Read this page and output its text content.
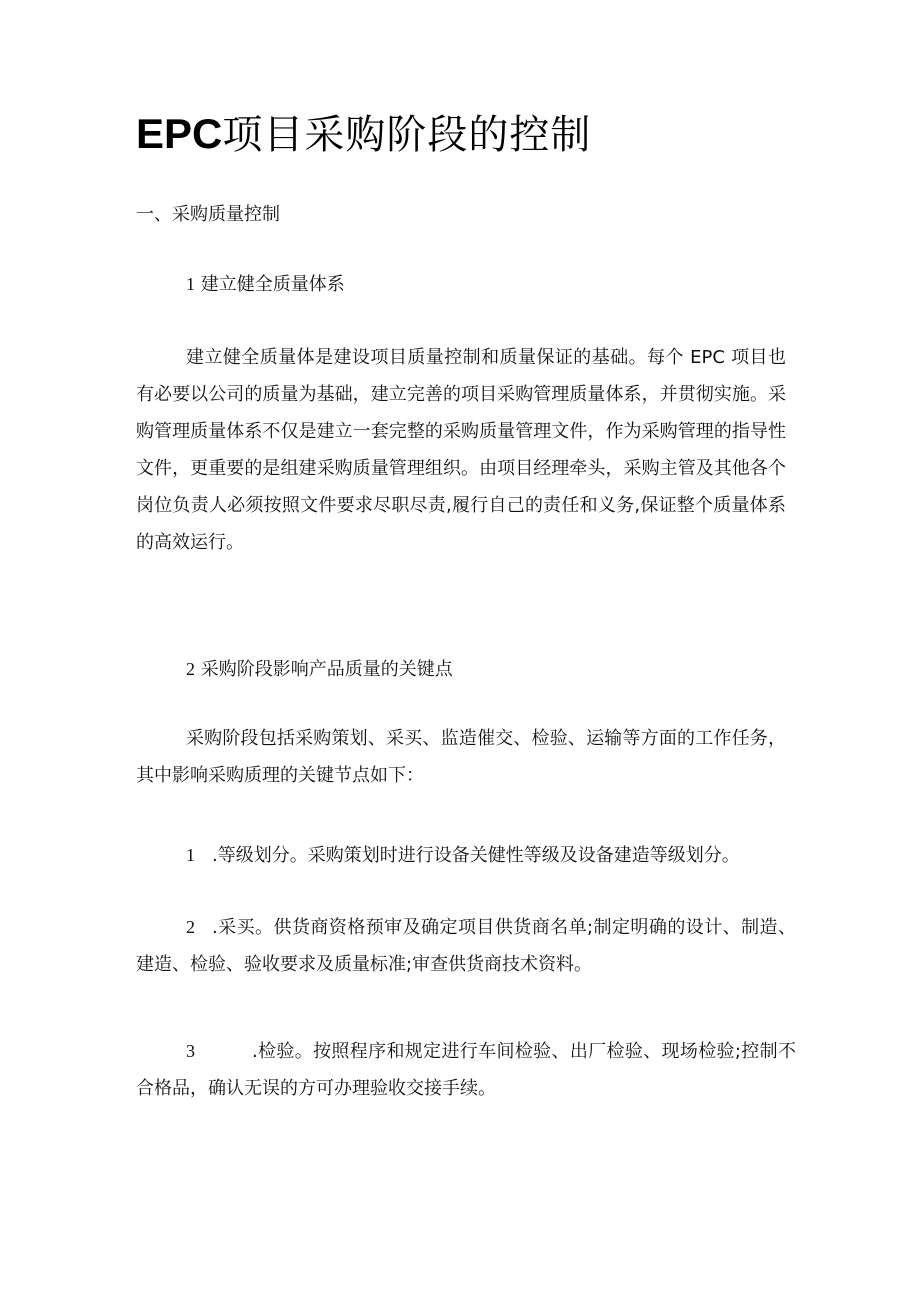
EPC项目采购阶段的控制
一、采购质量控制
1 建立健全质量体系

建立健全质量体是建设项目质量控制和质量保证的基础。每个 EPC 项目也有必要以公司的质量为基础，建立完善的项目采购管理质量体系，并贯彻实施。采购管理质量体系不仅是建立一套完整的采购质量管理文件，作为采购管理的指导性文件，更重要的是组建采购质量管理组织。由项目经理牵头，采购主管及其他各个岗位负责人必须按照文件要求尽职尽责,履行自己的责任和义务,保证整个质量体系的高效运行。

2 采购阶段影响产品质量的关键点

采购阶段包括采购策划、采买、监造催交、检验、运输等方面的工作任务，其中影响采购质理的关键节点如下：

1 .等级划分。采购策划时进行设备关健性等级及设备建造等级划分。

2 .采买。供货商资格预审及确定项目供货商名单;制定明确的设计、制造、建造、检验、验收要求及质量标准;审查供货商技术资料。

3	.检验。按照程序和规定进行车间检验、出厂检验、现场检验;控制不合格品，确认无误的方可办理验收交接手续。
